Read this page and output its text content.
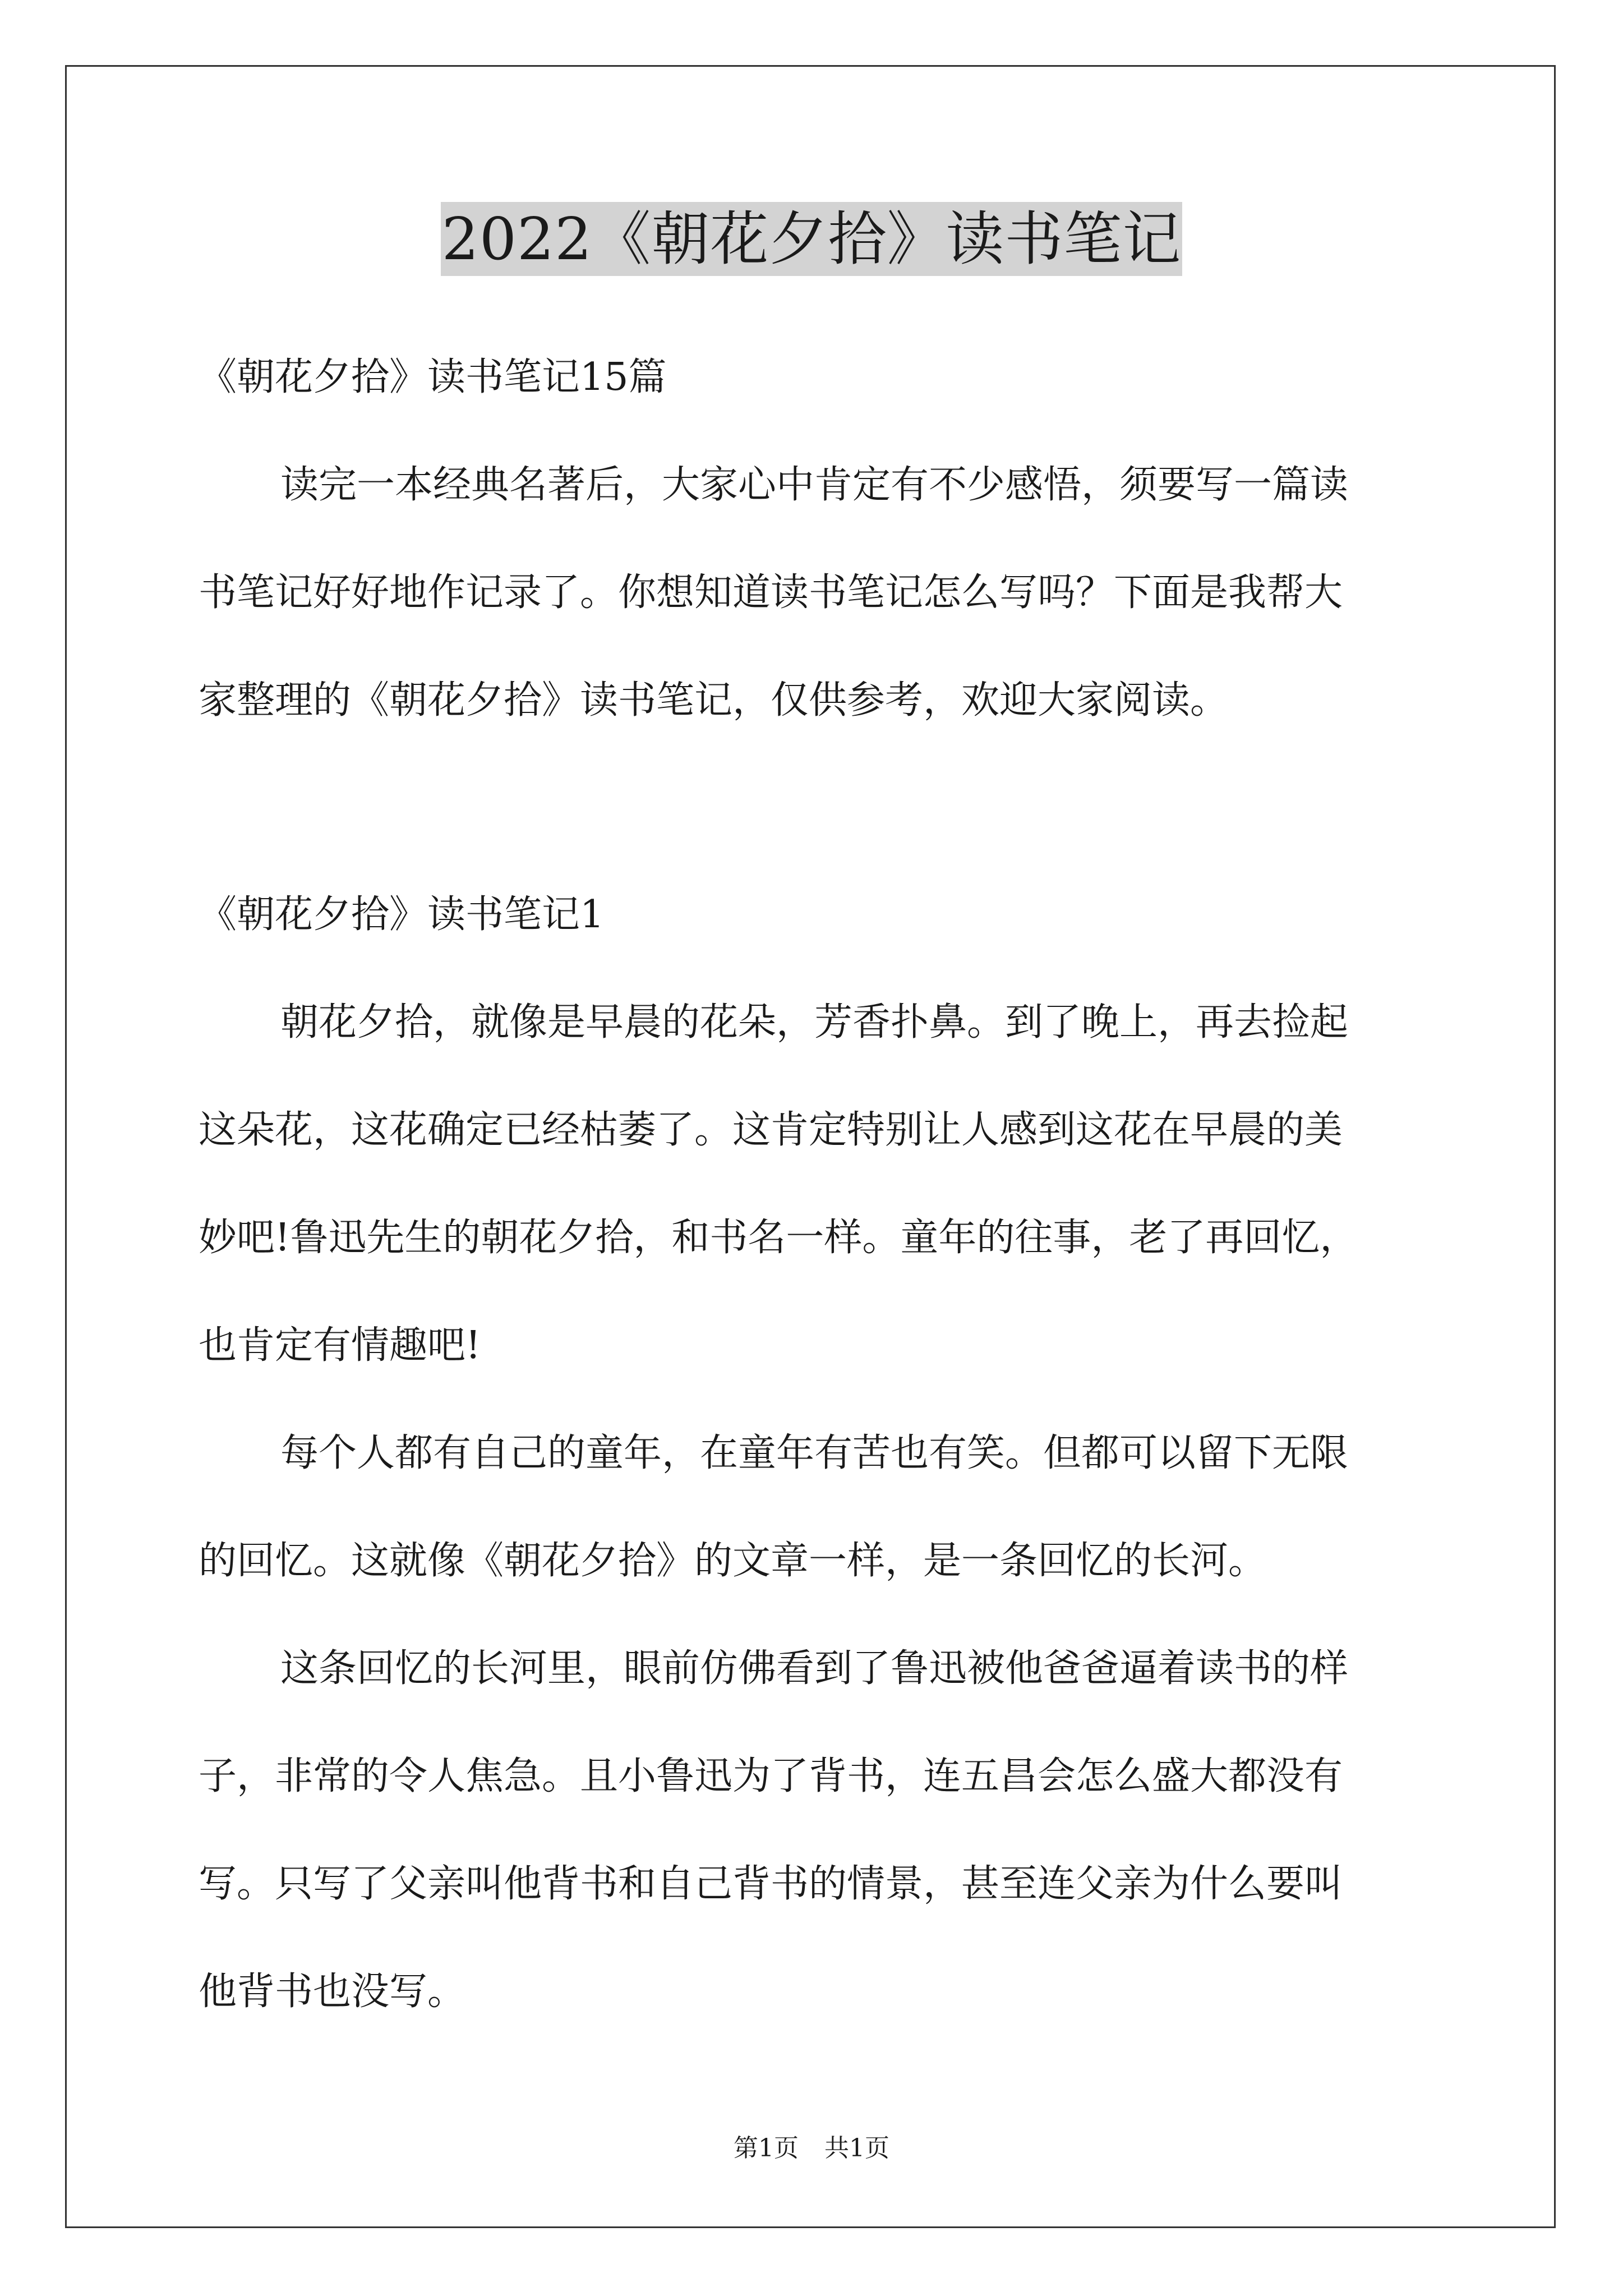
2022《朝花夕拾》读书笔记
《朝花夕拾》读书笔记15篇
读完一本经典名著后，大家心中肯定有不少感悟，须要写一篇读
书笔记好好地作记录了。你想知道读书笔记怎么写吗？下面是我帮大
家整理的《朝花夕拾》读书笔记，仅供参考，欢迎大家阅读。
《朝花夕拾》读书笔记1
朝花夕拾，就像是早晨的花朵，芳香扑鼻。到了晚上，再去捡起
这朵花，这花确定已经枯萎了。这肯定特别让人感到这花在早晨的美
妙吧!鲁迅先生的朝花夕拾，和书名一样。童年的往事，老了再回忆，
也肯定有情趣吧!
每个人都有自己的童年，在童年有苦也有笑。但都可以留下无限
的回忆。这就像《朝花夕拾》的文章一样，是一条回忆的长河。
这条回忆的长河里，眼前仿佛看到了鲁迅被他爸爸逼着读书的样
子，非常的令人焦急。且小鲁迅为了背书，连五昌会怎么盛大都没有
写。只写了父亲叫他背书和自己背书的情景，甚至连父亲为什么要叫
他背书也没写。
第1页 共1页
